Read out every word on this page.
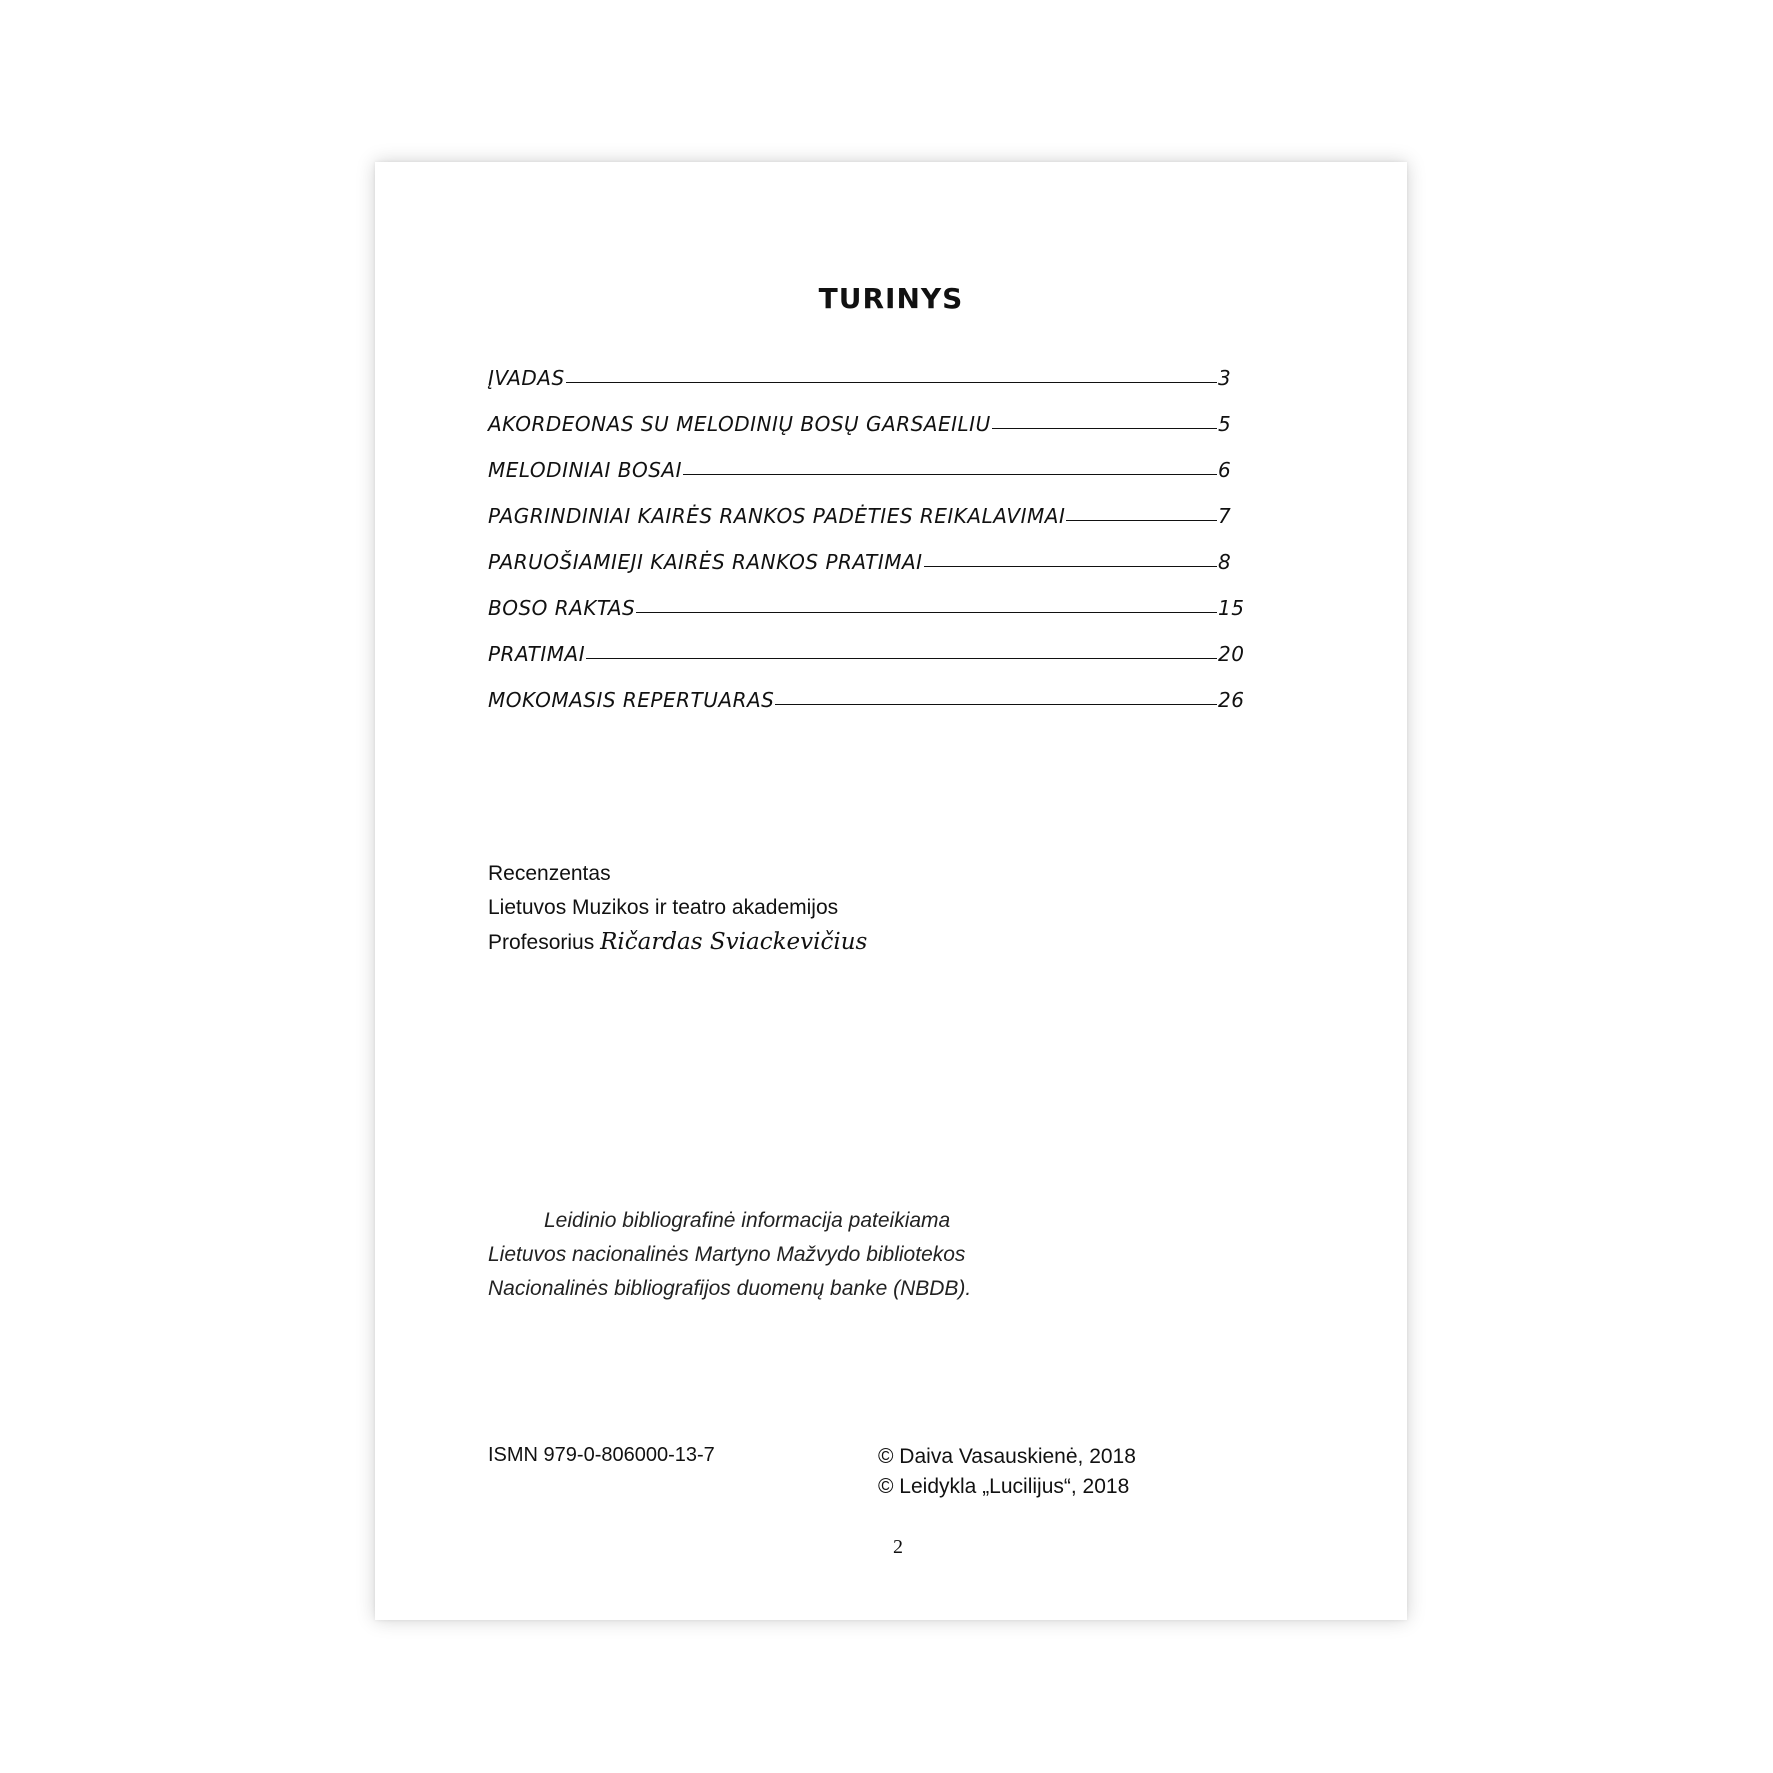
TURINYS
ĮVADAS	3
AKORDEONAS SU MELODINIŲ BOSŲ GARSAEILIU	5
MELODINIAI BOSAI	6
PAGRINDINIAI KAIRĖS RANKOS PADĖTIES REIKALAVIMAI	7
PARUOŠIAMIEJI KAIRĖS RANKOS PRATIMAI	8
BOSO RAKTAS	15
PRATIMAI	20
MOKOMASIS REPERTUARAS	26
Recenzentas
Lietuvos Muzikos ir teatro akademijos
Profesorius Ričardas Sviackevičius
Leidinio bibliografinė informacija pateikiama
Lietuvos nacionalinės Martyno Mažvydo bibliotekos
Nacionalinės bibliografijos duomenų banke (NBDB).
ISMN 979-0-806000-13-7	© Daiva Vasauskienė, 2018
© Leidykla „Lucilijus“, 2018
2
